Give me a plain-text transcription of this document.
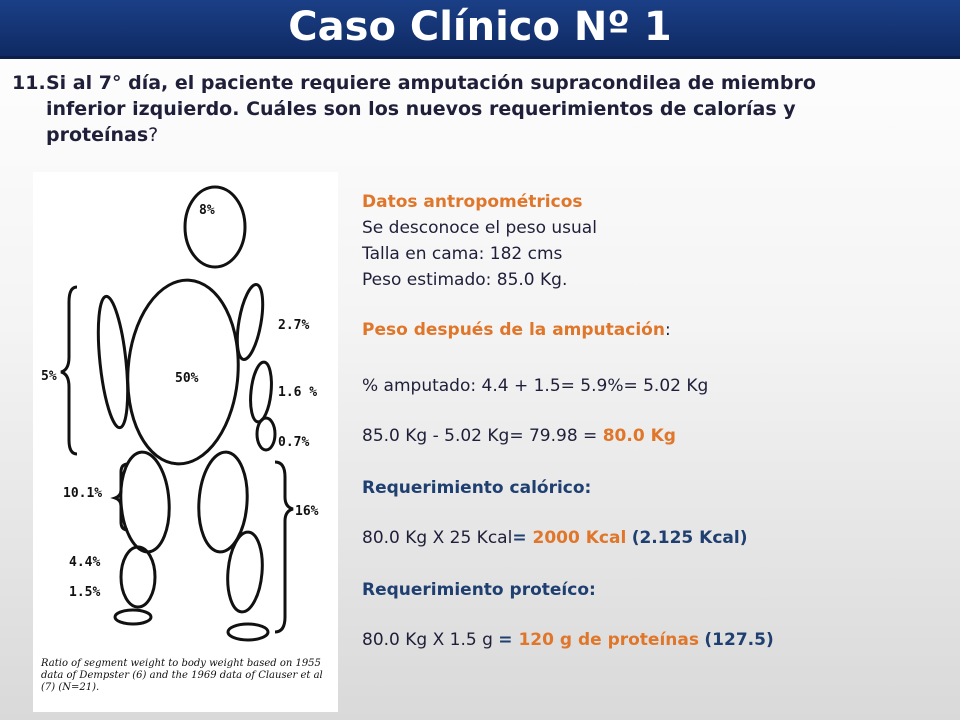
Caso Clínico Nº 1
11.Si al 7° día, el paciente requiere amputación supracondilea de miembro
inferior izquierdo. Cuáles son los nuevos requerimientos de calorías y
proteínas?
8%
50%
2.7%
1.6 %
0.7%
5%
10.1%
16%
4.4%
1.5%
Ratio of segment weight to body weight based on 1955 data of Dempster (6) and the 1969 data of Clauser et al (7) (N=21).
Datos antropométricos
Se desconoce el peso usual
Talla en cama: 182 cms
Peso estimado: 85.0 Kg.
Peso después de la amputación:
% amputado: 4.4 + 1.5= 5.9%= 5.02 Kg
85.0 Kg - 5.02 Kg= 79.98 = 80.0 Kg
Requerimiento calórico:
80.0 Kg X 25 Kcal= 2000 Kcal (2.125 Kcal)
Requerimiento proteíco:
80.0 Kg X 1.5 g = 120 g de proteínas (127.5)
